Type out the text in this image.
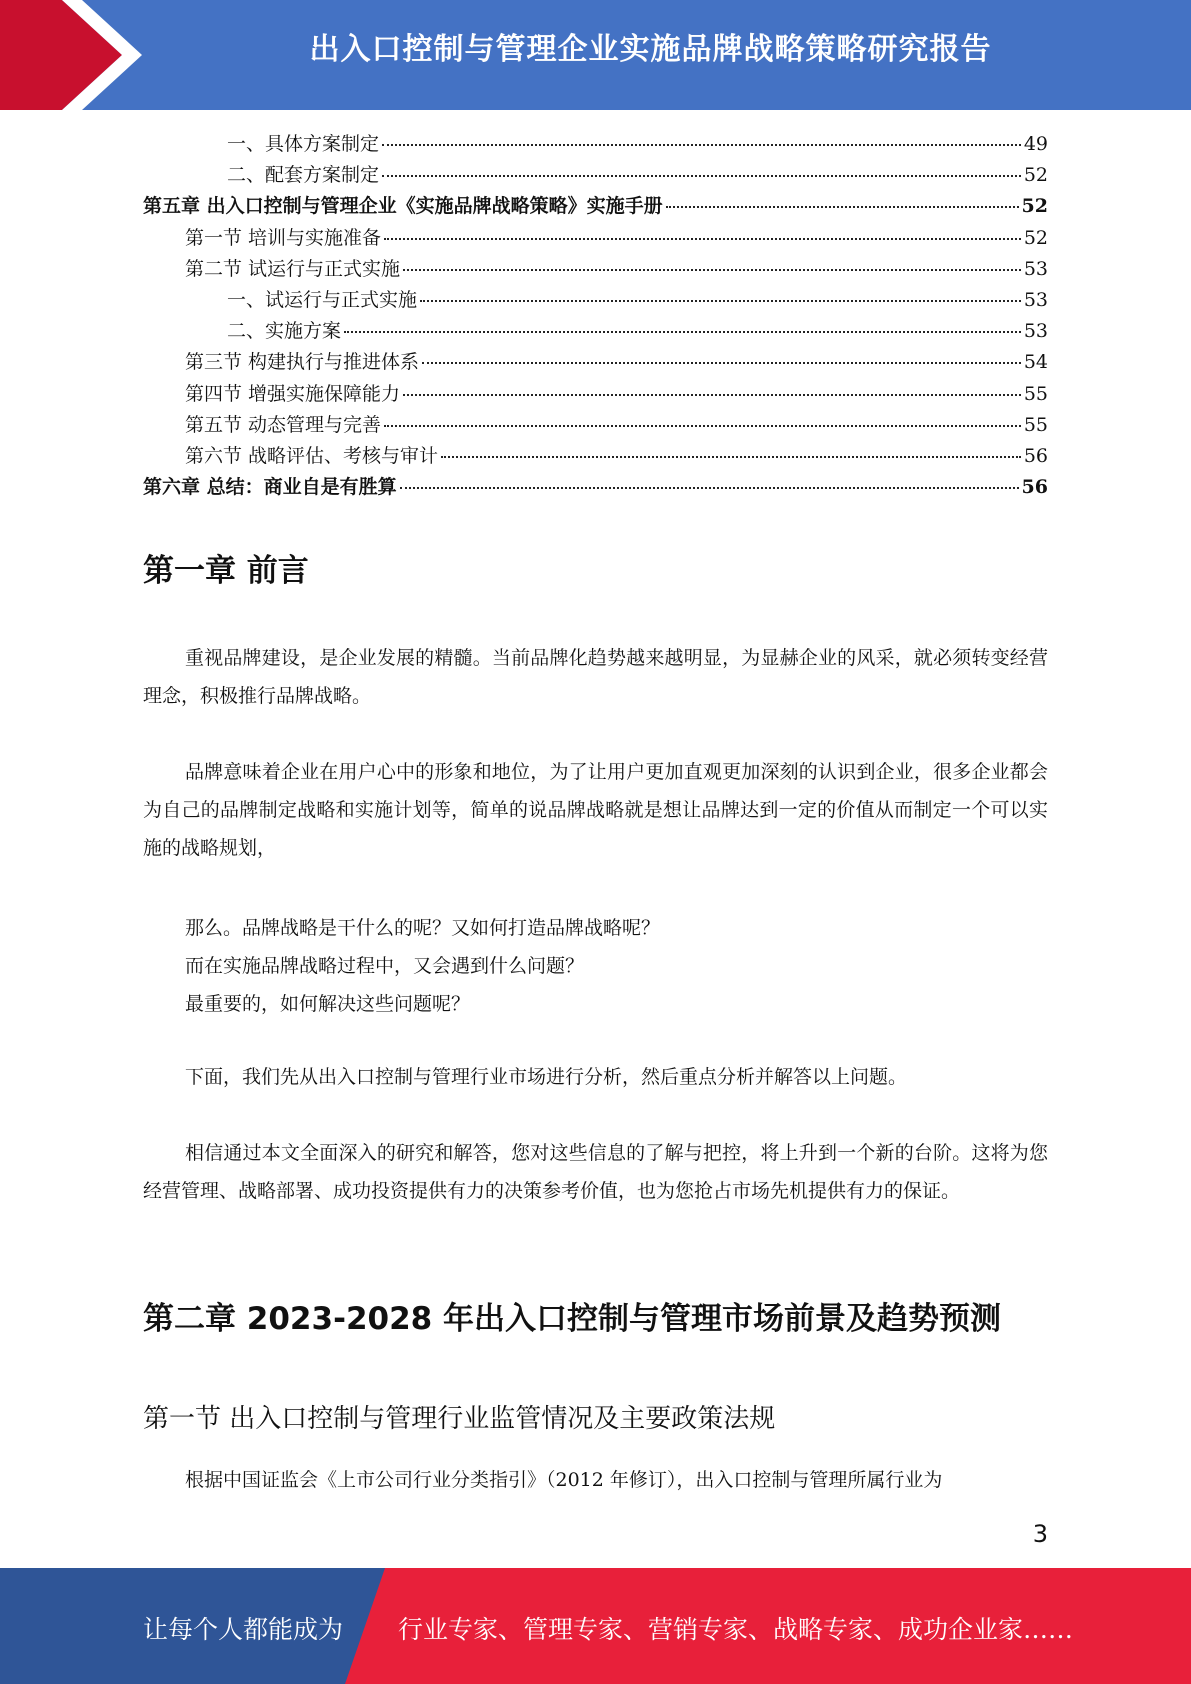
出入口控制与管理企业实施品牌战略策略研究报告
一、具体方案制定	49
二、配套方案制定	52
第五章 出入口控制与管理企业《实施品牌战略策略》实施手册	52
第一节 培训与实施准备	52
第二节 试运行与正式实施	53
一、试运行与正式实施	53
二、实施方案	53
第三节 构建执行与推进体系	54
第四节 增强实施保障能力	55
第五节 动态管理与完善	55
第六节 战略评估、考核与审计	56
第六章 总结：商业自是有胜算	56
第一章 前言

重视品牌建设，是企业发展的精髓。当前品牌化趋势越来越明显，为显赫企业的风采，就必须转变经营理念，积极推行品牌战略。

品牌意味着企业在用户心中的形象和地位，为了让用户更加直观更加深刻的认识到企业，很多企业都会为自己的品牌制定战略和实施计划等，简单的说品牌战略就是想让品牌达到一定的价值从而制定一个可以实施的战略规划，

那么。品牌战略是干什么的呢？又如何打造品牌战略呢？
而在实施品牌战略过程中，又会遇到什么问题？
最重要的，如何解决这些问题呢？

下面，我们先从出入口控制与管理行业市场进行分析，然后重点分析并解答以上问题。

相信通过本文全面深入的研究和解答，您对这些信息的了解与把控，将上升到一个新的台阶。这将为您经营管理、战略部署、成功投资提供有力的决策参考价值，也为您抢占市场先机提供有力的保证。

第二章 2023-2028 年出入口控制与管理市场前景及趋势预测
第一节 出入口控制与管理行业监管情况及主要政策法规

根据中国证监会《上市公司行业分类指引》（2012 年修订），出入口控制与管理所属行业为

3
让每个人都能成为 行业专家、管理专家、营销专家、战略专家、成功企业家……
